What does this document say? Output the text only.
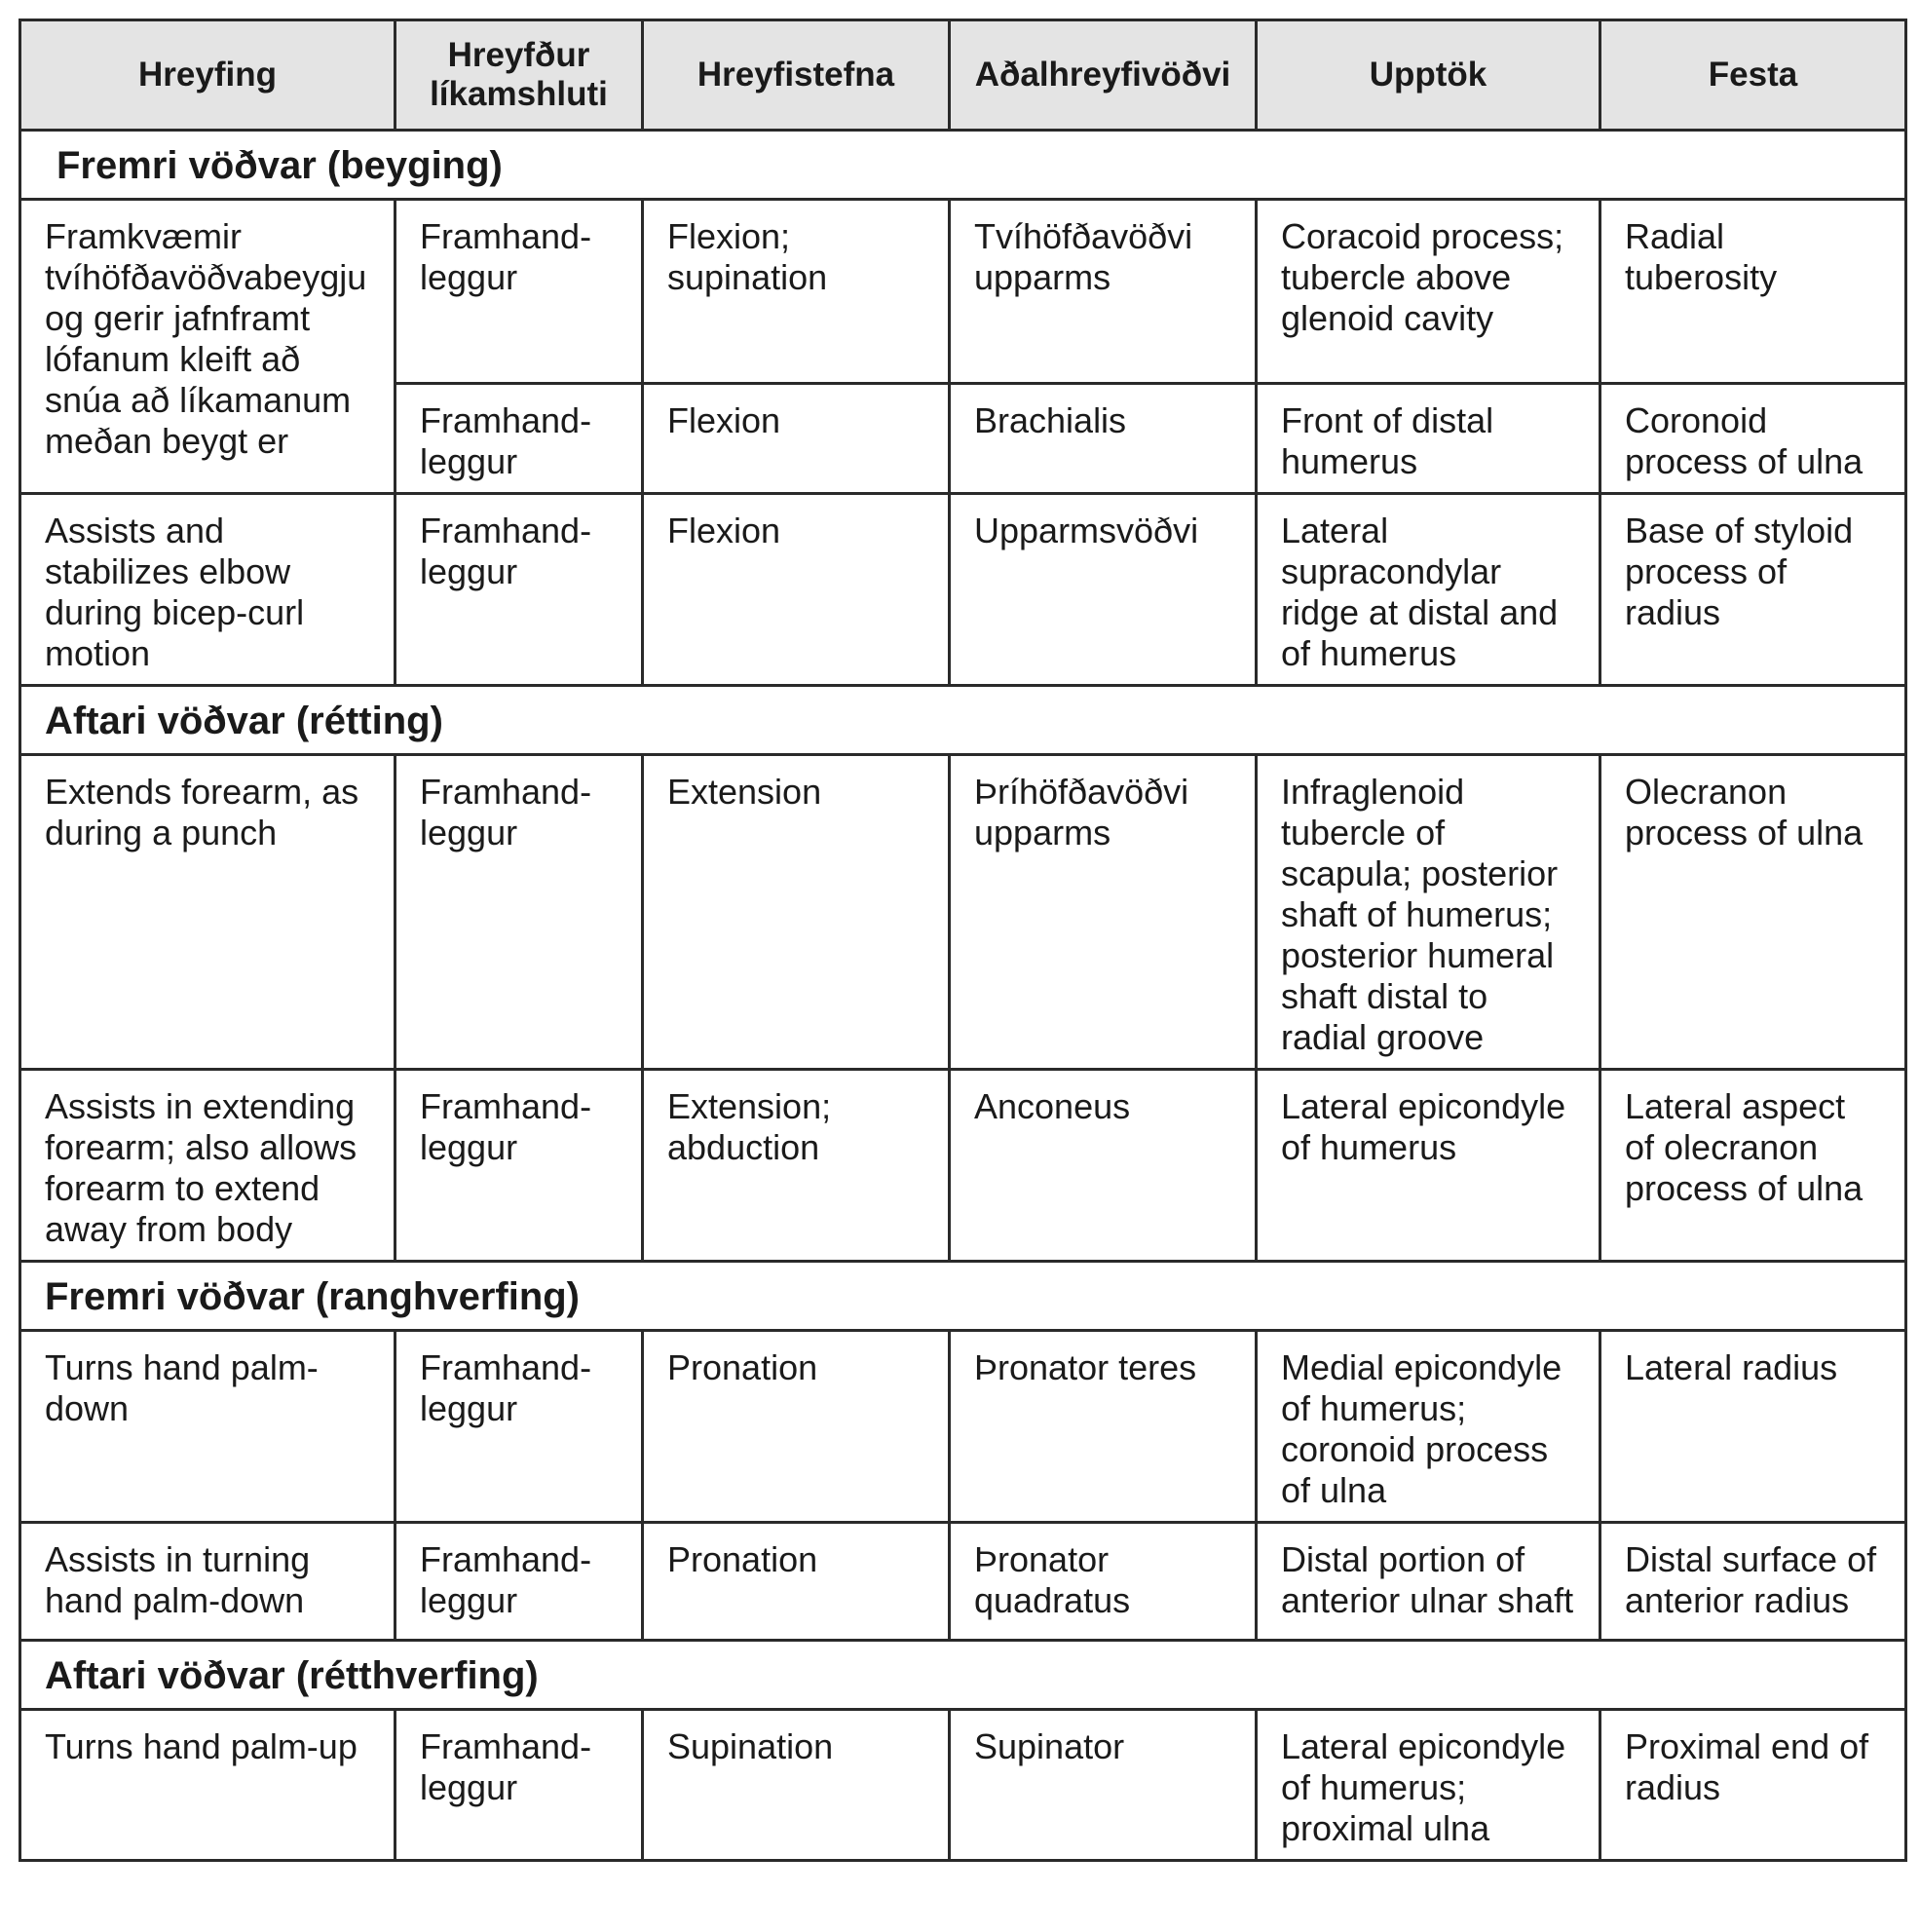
Hreyfing	Hreyfður líkamshluti	Hreyfistefna	Aðalhreyfivöðvi	Upptök	Festa
Fremri vöðvar (beyging)					
Framkvæmir tvíhöfðavöðvabeygju og gerir jafnframt lófanum kleift að snúa að líkamanum meðan beygt er	Framhand-leggur	Flexion; supination	Tvíhöfðavöðvi upparms	Coracoid process; tubercle above glenoid cavity	Radial tuberosity
	Framhand-leggur	Flexion	Brachialis	Front of distal humerus	Coronoid process of ulna
Assists and stabilizes elbow during bicep-curl motion	Framhand-leggur	Flexion	Upparmsvöðvi	Lateral supracondylar ridge at distal and of humerus	Base of styloid process of radius
Aftari vöðvar (rétting)					
Extends forearm, as during a punch	Framhand-leggur	Extension	Þríhöfðavöðvi upparms	Infraglenoid tubercle of scapula; posterior shaft of humerus; posterior humeral shaft distal to radial groove	Olecranon process of ulna
Assists in extending forearm; also allows forearm to extend away from body	Framhand-leggur	Extension; abduction	Anconeus	Lateral epicondyle of humerus	Lateral aspect of olecranon process of ulna
Fremri vöðvar (ranghverfing)					
Turns hand palm-down	Framhand-leggur	Pronation	Þronator teres	Medial epicondyle of humerus; coronoid process of ulna	Lateral radius
Assists in turning hand palm-down	Framhand-leggur	Pronation	Þronator quadratus	Distal portion of anterior ulnar shaft	Distal surface of anterior radius
Aftari vöðvar (rétthverfing)					
Turns hand palm-up	Framhand-leggur	Supination	Supinator	Lateral epicondyle of humerus; proximal ulna	Proximal end of radius
